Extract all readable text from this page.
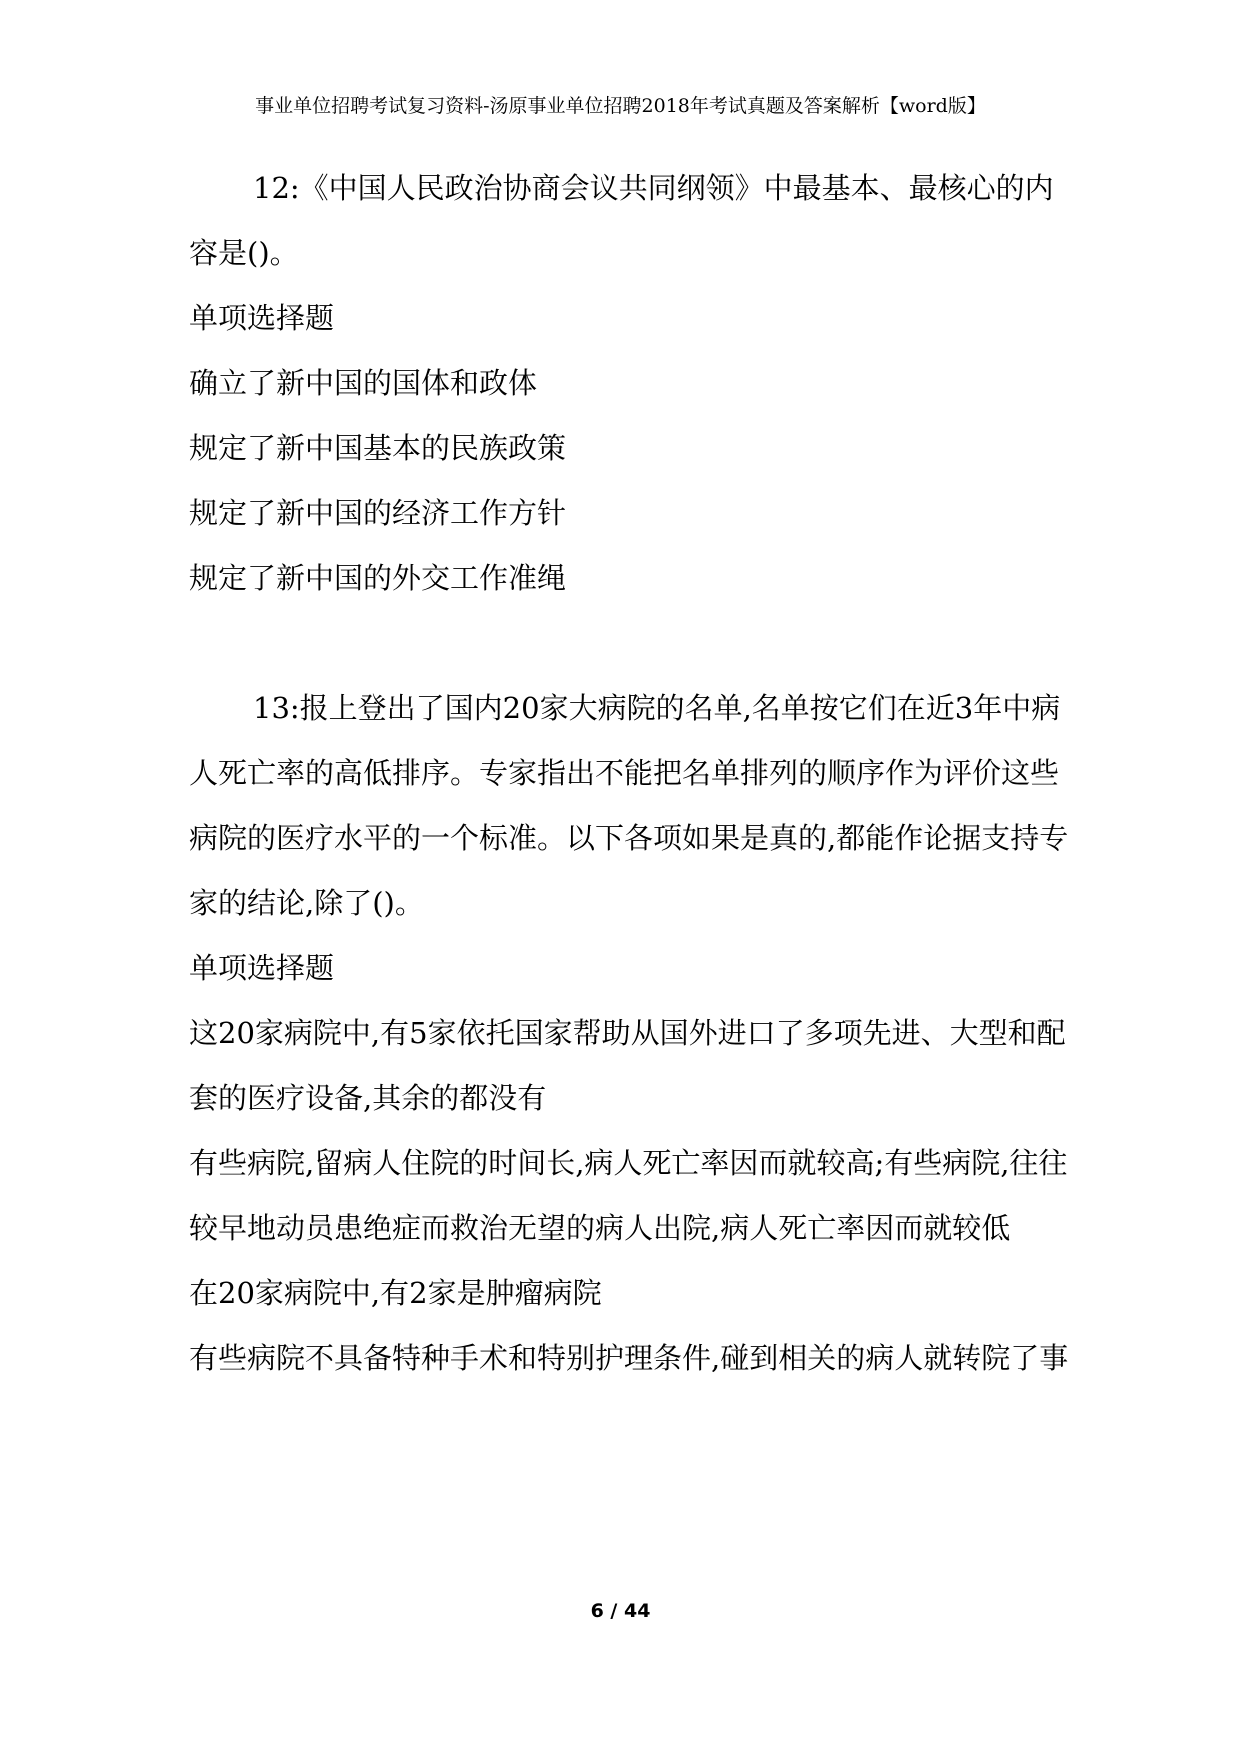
事业单位招聘考试复习资料-汤原事业单位招聘2018年考试真题及答案解析【word版】

12:《中国人民政治协商会议共同纲领》中最基本、最核心的内容是()。

单项选择题

确立了新中国的国体和政体

规定了新中国基本的民族政策

规定了新中国的经济工作方针

规定了新中国的外交工作准绳

13:报上登出了国内20家大病院的名单,名单按它们在近3年中病人死亡率的高低排序。专家指出不能把名单排列的顺序作为评价这些病院的医疗水平的一个标准。以下各项如果是真的,都能作论据支持专家的结论,除了()。

单项选择题

这20家病院中,有5家依托国家帮助从国外进口了多项先进、大型和配套的医疗设备,其余的都没有

有些病院,留病人住院的时间长,病人死亡率因而就较高;有些病院,往往较早地动员患绝症而救治无望的病人出院,病人死亡率因而就较低

在20家病院中,有2家是肿瘤病院

有些病院不具备特种手术和特别护理条件,碰到相关的病人就转院了事

6 / 44
